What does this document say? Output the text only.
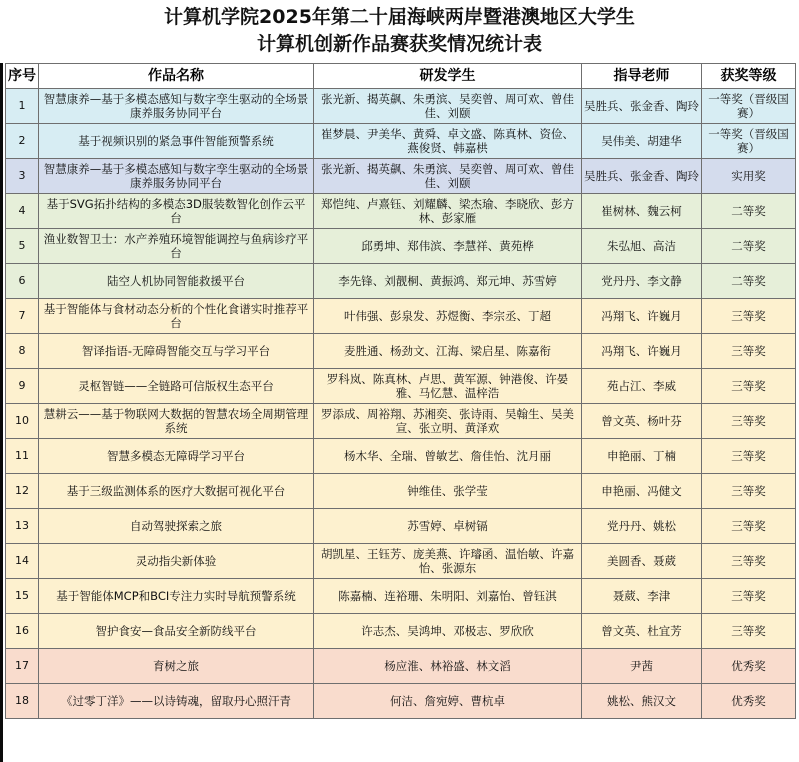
计算机学院2025年第二十届海峡两岸暨港澳地区大学生
计算机创新作品赛获奖情况统计表
序号	作品名称	研发学生	指导老师	获奖等级
1	智慧康养—基于多模态感知与数字孪生驱动的全场景康养服务协同平台	张光新、揭英飙、朱勇滨、吴奕曾、周可欢、曾佳佳、刘颐	吴胜兵、张金香、陶玲	一等奖（晋级国赛）
2	基于视频识别的紧急事件智能预警系统	崔梦晨、尹美华、黄舜、卓文盛、陈真林、资俭、燕俊贤、韩嘉栱	吴伟美、胡建华	一等奖（晋级国赛）
3	智慧康养—基于多模态感知与数字孪生驱动的全场景康养服务协同平台	张光新、揭英飙、朱勇滨、吴奕曾、周可欢、曾佳佳、刘颐	吴胜兵、张金香、陶玲	实用奖
4	基于SVG拓扑结构的多模态3D服装数智化创作云平台	郑恺纯、卢熹钰、刘耀麟、梁杰瑜、李晓欣、彭方林、彭家雁	崔树林、魏云柯	二等奖
5	渔业数智卫士：水产养殖环境智能调控与鱼病诊疗平台	邱勇坤、郑伟滨、李慧祥、黄苑桦	朱弘旭、高洁	二等奖
6	陆空人机协同智能救援平台	李先锋、刘靓桐、黄振鸿、郑元坤、苏雪婷	党丹丹、李文静	二等奖
7	基于智能体与食材动态分析的个性化食谱实时推荐平台	叶伟强、彭泉发、苏煜衡、李宗丞、丁超	冯翔飞、许巍月	三等奖
8	智译指语-无障碍智能交互与学习平台	麦胜通、杨劲文、江海、梁启星、陈嘉衔	冯翔飞、许巍月	三等奖
9	灵枢智链——全链路可信版权生态平台	罗科岚、陈真林、卢思、黄军源、钟港俊、许晏雅、马忆慧、温梓浩	苑占江、李威	三等奖
10	慧耕云——基于物联网大数据的智慧农场全周期管理系统	罗添成、周裕翔、苏湘奕、张诗雨、吴翰生、吴美宣、张立明、黄泽欢	曾文英、杨叶芬	三等奖
11	智慧多模态无障碍学习平台	杨木华、全瑞、曾敏艺、詹佳怡、沈月丽	申艳丽、丁楠	三等奖
12	基于三级监测体系的医疗大数据可视化平台	钟维佳、张学莹	申艳丽、冯健文	三等奖
13	自动驾驶探索之旅	苏雪婷、卓树镉	党丹丹、姚松	三等奖
14	灵动指尖新体验	胡凯星、王钰芳、庞美燕、许璿函、温怡敏、许嘉怡、张源东	美圆香、聂葳	三等奖
15	基于智能体MCP和BCI专注力实时导航预警系统	陈嘉楠、连裕珊、朱明阳、刘嘉怡、曾钰淇	聂葳、李津	三等奖
16	智护食安—食品安全新防线平台	许志杰、吴鸿坤、邓极志、罗欣欣	曾文英、杜宜芳	三等奖
17	育树之旅	杨应淮、林裕盛、林文滔	尹茜	优秀奖
18	《过零丁洋》——以诗铸魂，留取丹心照汗青	何洁、詹宛婷、曹杭卓	姚松、熊汉文	优秀奖
